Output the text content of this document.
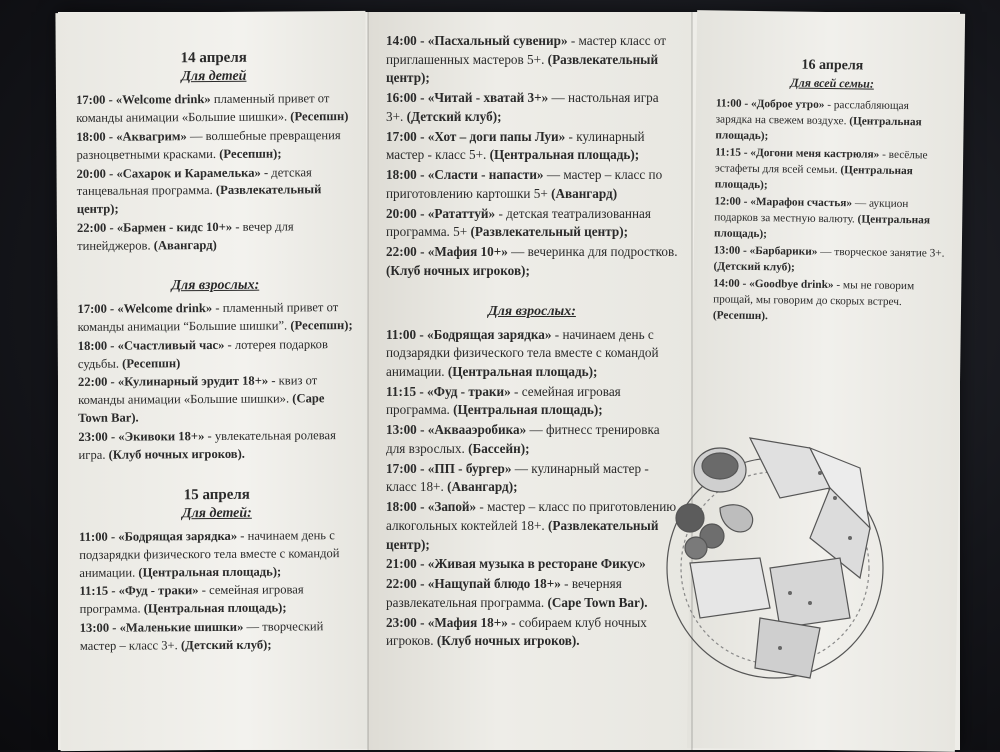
14 апреля
Для детей

17:00 - «Welcome drink» пламенный привет от команды анимации «Большие шишки». (Ресепшн)

18:00 - «Аквагрим» — волшебные превращения разноцветными красками. (Ресепшн);

20:00 - «Сахарок и Карамелька» - детская танцевальная программа. (Развлекательный центр);

22:00 - «Бармен - кидс 10+» - вечер для тинейджеров. (Авангард)

Для взрослых:

17:00 - «Welcome drink» - пламенный привет от команды анимации “Большие шишки”. (Ресепшн);

18:00 - «Счастливый час» - лотерея подарков судьбы. (Ресепшн)

22:00 - «Кулинарный эрудит 18+» - квиз от команды анимации «Большие шишки». (Cape Town Bar).

23:00 - «Экивоки 18+» - увлекательная ролевая игра. (Клуб ночных игроков).

15 апреля
Для детей:

11:00 - «Бодрящая зарядка» - начинаем день с подзарядки физического тела вместе с командой анимации. (Центральная площадь);

11:15 - «Фуд - траки» - семейная игровая программа. (Центральная площадь);

13:00 - «Маленькие шишки» — творческий мастер – класс 3+. (Детский клуб);

14:00 - «Пасхальный сувенир» - мастер класс от приглашенных мастеров 5+. (Развлекательный центр);

16:00 - «Читай - хватай 3+» — настольная игра 3+. (Детский клуб);

17:00 - «Хот – доги папы Луи» - кулинарный мастер - класс 5+. (Центральная площадь);

18:00 - «Сласти - напасти» — мастер – класс по приготовлению картошки 5+ (Авангард)

20:00 - «Рататтуй» - детская театрализованная программа. 5+ (Развлекательный центр);

22:00 - «Мафия 10+» — вечеринка для подростков. (Клуб ночных игроков);

Для взрослых:

11:00 - «Бодрящая зарядка» - начинаем день с подзарядки физического тела вместе с командой анимации. (Центральная площадь);

11:15 - «Фуд - траки» - семейная игровая программа. (Центральная площадь);

13:00 - «Аквааэробика» — фитнесс тренировка для взрослых. (Бассейн);

17:00 - «ПП - бургер» — кулинарный мастер - класс 18+. (Авангард);

18:00 - «Запой» - мастер – класс по приготовлению алкогольных коктейлей 18+. (Развлекательный центр);

21:00 - «Живая музыка в ресторане Фикус»

22:00 - «Нащупай блюдо 18+» - вечерняя развлекательная программа. (Cape Town Bar).

23:00 - «Мафия 18+» - собираем клуб ночных игроков. (Клуб ночных игроков).

16 апреля
Для всей семьи:

11:00 - «Доброе утро» - расслабляющая зарядка на свежем воздухе. (Центральная площадь);

11:15 - «Догони меня кастрюля» - весёлые эстафеты для всей семьи. (Центральная площадь);

12:00 - «Марафон счастья» — аукцион подарков за местную валюту. (Центральная площадь);

13:00 - «Барбарики» — творческое занятие 3+. (Детский клуб);

14:00 - «Goodbye drink» - мы не говорим прощай, мы говорим до скорых встреч. (Ресепшн).
